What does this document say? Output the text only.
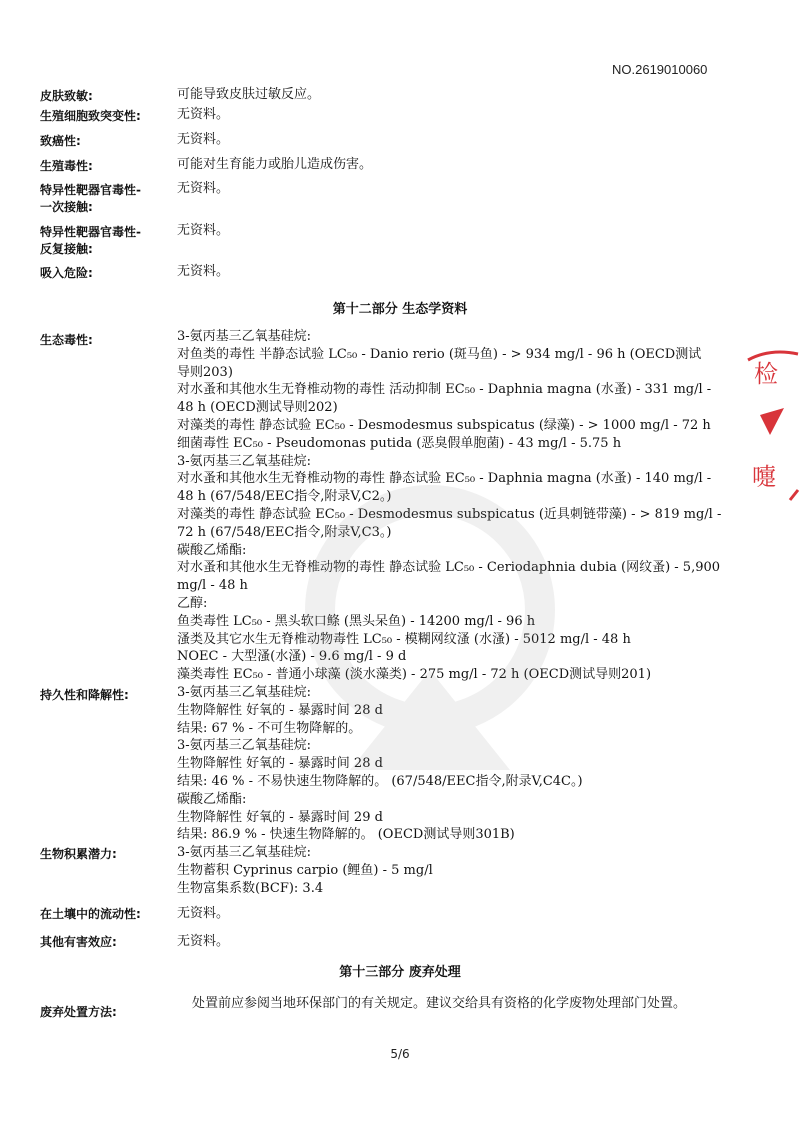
NO.2619010060
皮肤致敏:	可能导致皮肤过敏反应。
生殖细胞致突变性:	无资料。
致癌性:	无资料。
生殖毒性:	可能对生育能力或胎儿造成伤害。
特异性靶器官毒性-一次接触:
无资料。
特异性靶器官毒性-反复接触:
无资料。
吸入危险:	无资料。
第十二部分 生态学资料
生态毒性:	3-氨丙基三乙氧基硅烷:
对鱼类的毒性 半静态试验 LC₅₀ - Danio rerio (斑马鱼) - > 934 mg/l - 96 h (OECD测试
导则203)
对水蚤和其他水生无脊椎动物的毒性 活动抑制 EC₅₀ - Daphnia magna (水蚤) - 331 mg/l -
48 h (OECD测试导则202)
对藻类的毒性 静态试验 EC₅₀ - Desmodesmus subspicatus (绿藻) - > 1000 mg/l - 72 h
细菌毒性 EC₅₀ - Pseudomonas putida (恶臭假单胞菌) - 43 mg/l - 5.75 h
3-氨丙基三乙氧基硅烷:
对水蚤和其他水生无脊椎动物的毒性 静态试验 EC₅₀ - Daphnia magna (水蚤) - 140 mg/l -
48 h (67/548/EEC指令,附录V,C2。)
对藻类的毒性 静态试验 EC₅₀ - Desmodesmus subspicatus (近具刺链带藻) - > 819 mg/l -
72 h (67/548/EEC指令,附录V,C3。)
碳酸乙烯酯:
对水蚤和其他水生无脊椎动物的毒性 静态试验 LC₅₀ - Ceriodaphnia dubia (网纹蚤) - 5,900
mg/l - 48 h
乙醇:
鱼类毒性 LC₅₀ - 黑头软口鲦 (黑头呆鱼) - 14200 mg/l - 96 h
溞类及其它水生无脊椎动物毒性 LC₅₀ - 模糊网纹溞 (水溞) - 5012 mg/l - 48 h
NOEC - 大型溞(水溞) - 9.6 mg/l - 9 d
藻类毒性 EC₅₀ - 普通小球藻 (淡水藻类) - 275 mg/l - 72 h (OECD测试导则201)
持久性和降解性:	3-氨丙基三乙氧基硅烷:
生物降解性 好氧的 - 暴露时间 28 d
结果: 67 % - 不可生物降解的。
3-氨丙基三乙氧基硅烷:
生物降解性 好氧的 - 暴露时间 28 d
结果: 46 % - 不易快速生物降解的。 (67/548/EEC指令,附录V,C4C。)
碳酸乙烯酯:
生物降解性 好氧的 - 暴露时间 29 d
结果: 86.9 % - 快速生物降解的。 (OECD测试导则301B)
生物积累潜力:	3-氨丙基三乙氧基硅烷:
生物蓄积 Cyprinus carpio (鲤鱼) - 5 mg/l
生物富集系数(BCF): 3.4
在土壤中的流动性:	无资料。
其他有害效应:	无资料。
第十三部分 废弃处理
废弃处置方法:
处置前应参阅当地环保部门的有关规定。建议交给具有资格的化学废物处理部门处置。
5/6
检
嚏
